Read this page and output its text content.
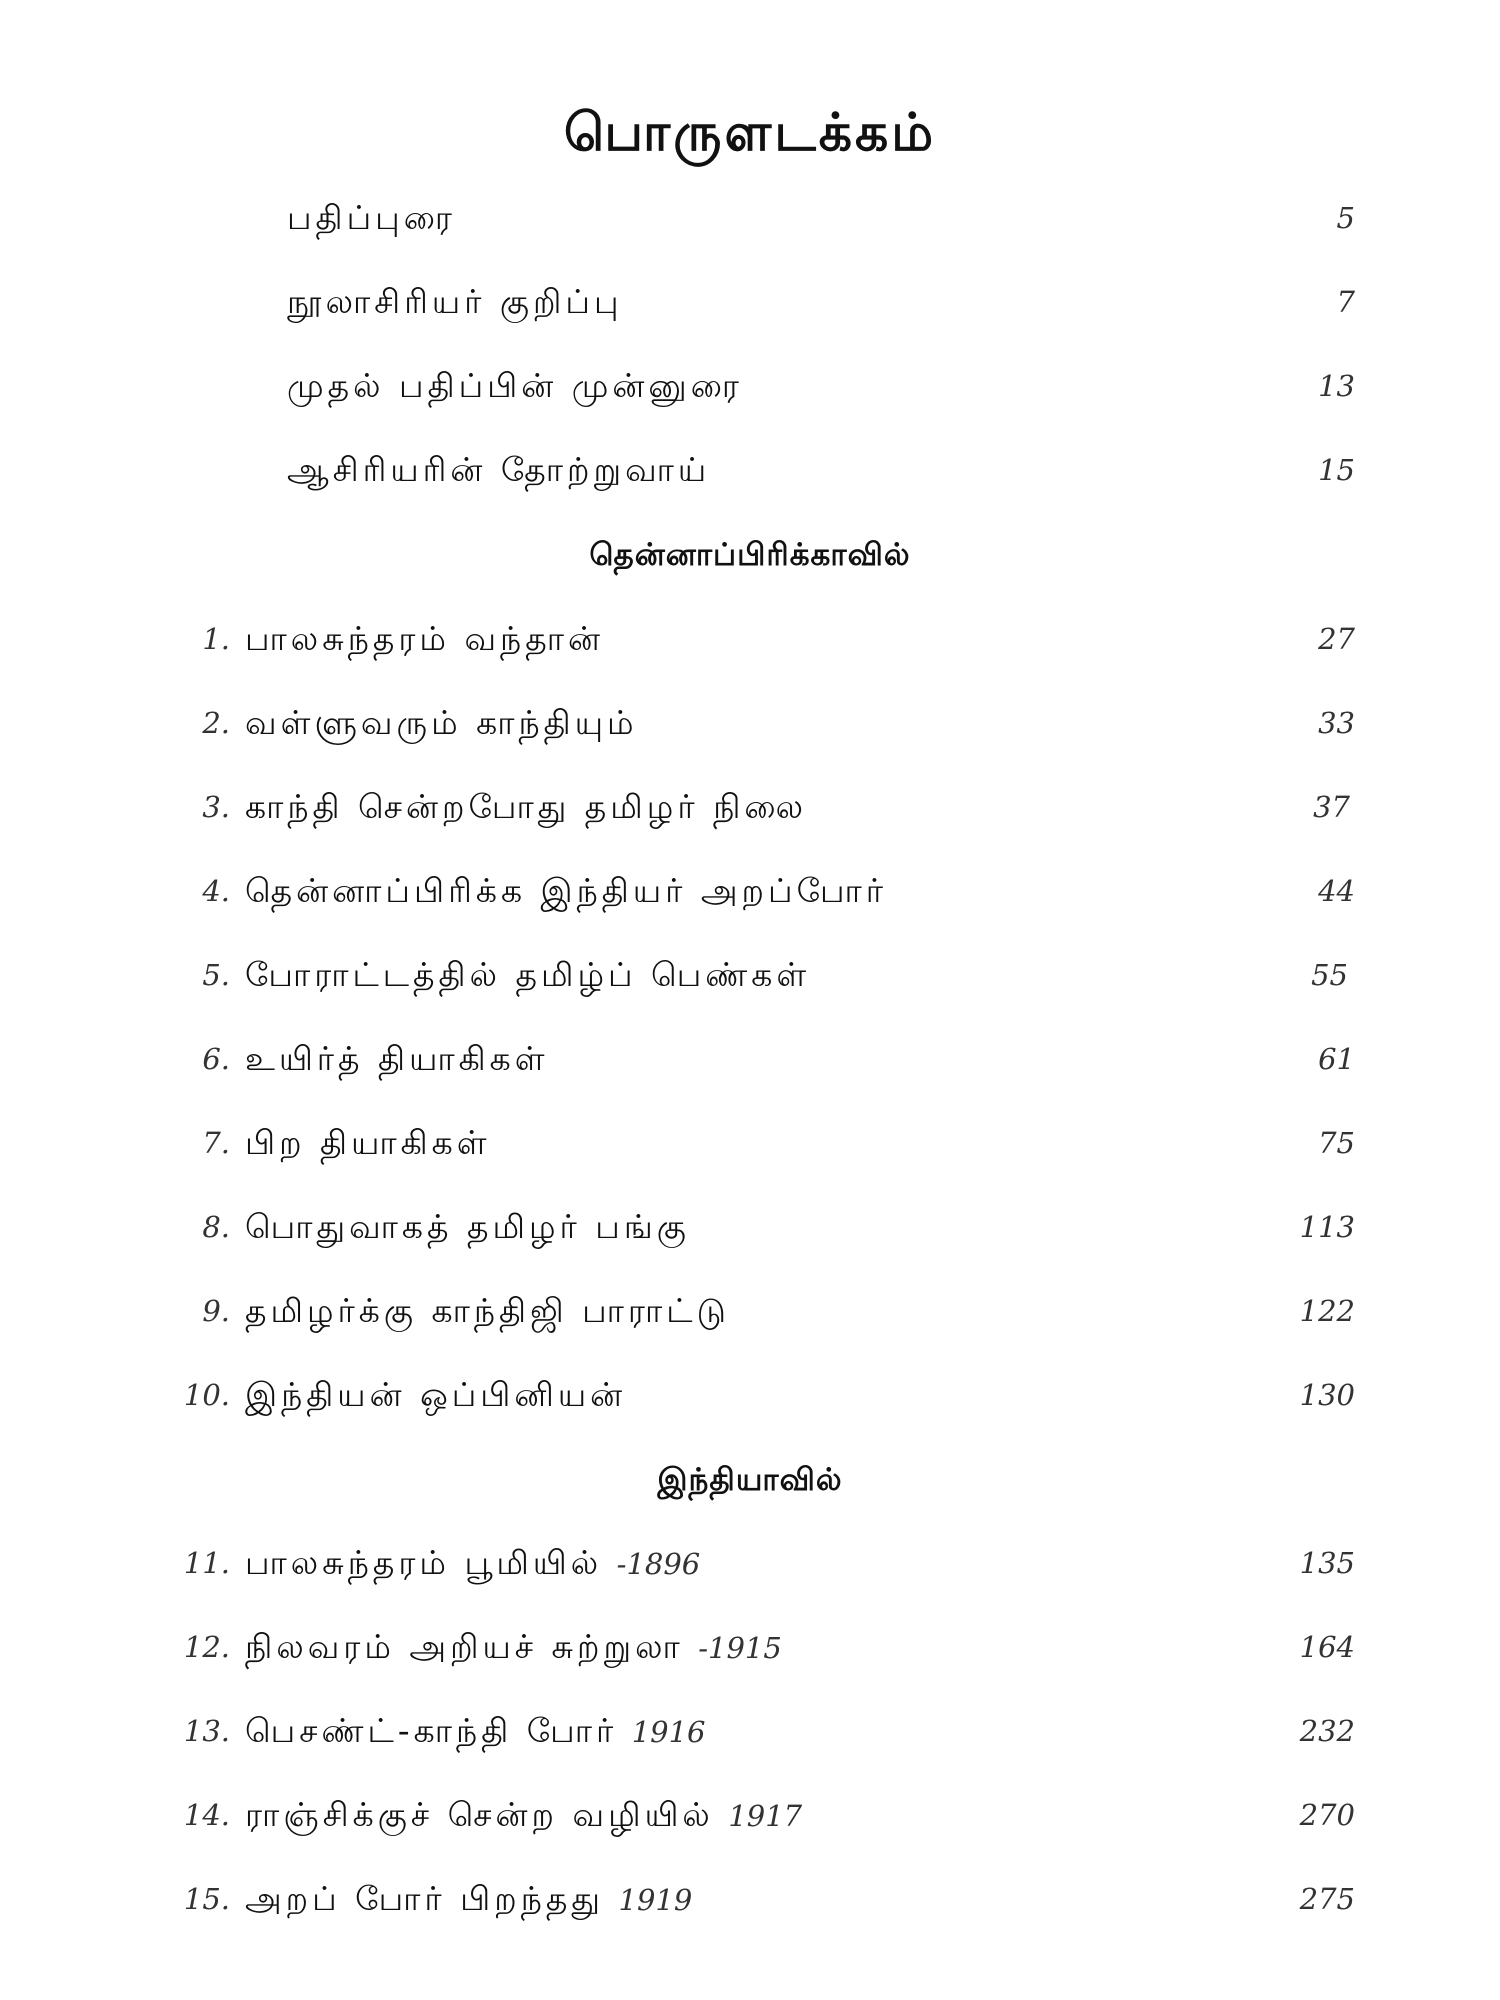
பொருளடக்கம்
பதிப்புரை	5
நூலாசிரியர் குறிப்பு	7
முதல் பதிப்பின் முன்னுரை	13
ஆசிரியரின் தோற்றுவாய்	15
தென்னாப்பிரிக்காவில்
1. பாலசுந்தரம் வந்தான்	27
2. வள்ளுவரும் காந்தியும்	33
3. காந்தி சென்றபோது தமிழர் நிலை	37
4. தென்னாப்பிரிக்க இந்தியர் அறப்போர்	44
5. போராட்டத்தில் தமிழ்ப் பெண்கள்	55
6. உயிர்த் தியாகிகள்	61
7. பிற தியாகிகள்	75
8. பொதுவாகத் தமிழர் பங்கு	113
9. தமிழர்க்கு காந்திஜி பாராட்டு	122
10. இந்தியன் ஒப்பினியன்	130
இந்தியாவில்
11. பாலசுந்தரம் பூமியில் -1896	135
12. நிலவரம் அறியச் சுற்றுலா -1915	164
13. பெசண்ட்-காந்தி போர் 1916	232
14. ராஞ்சிக்குச் சென்ற வழியில் 1917	270
15. அறப் போர் பிறந்தது 1919	275
